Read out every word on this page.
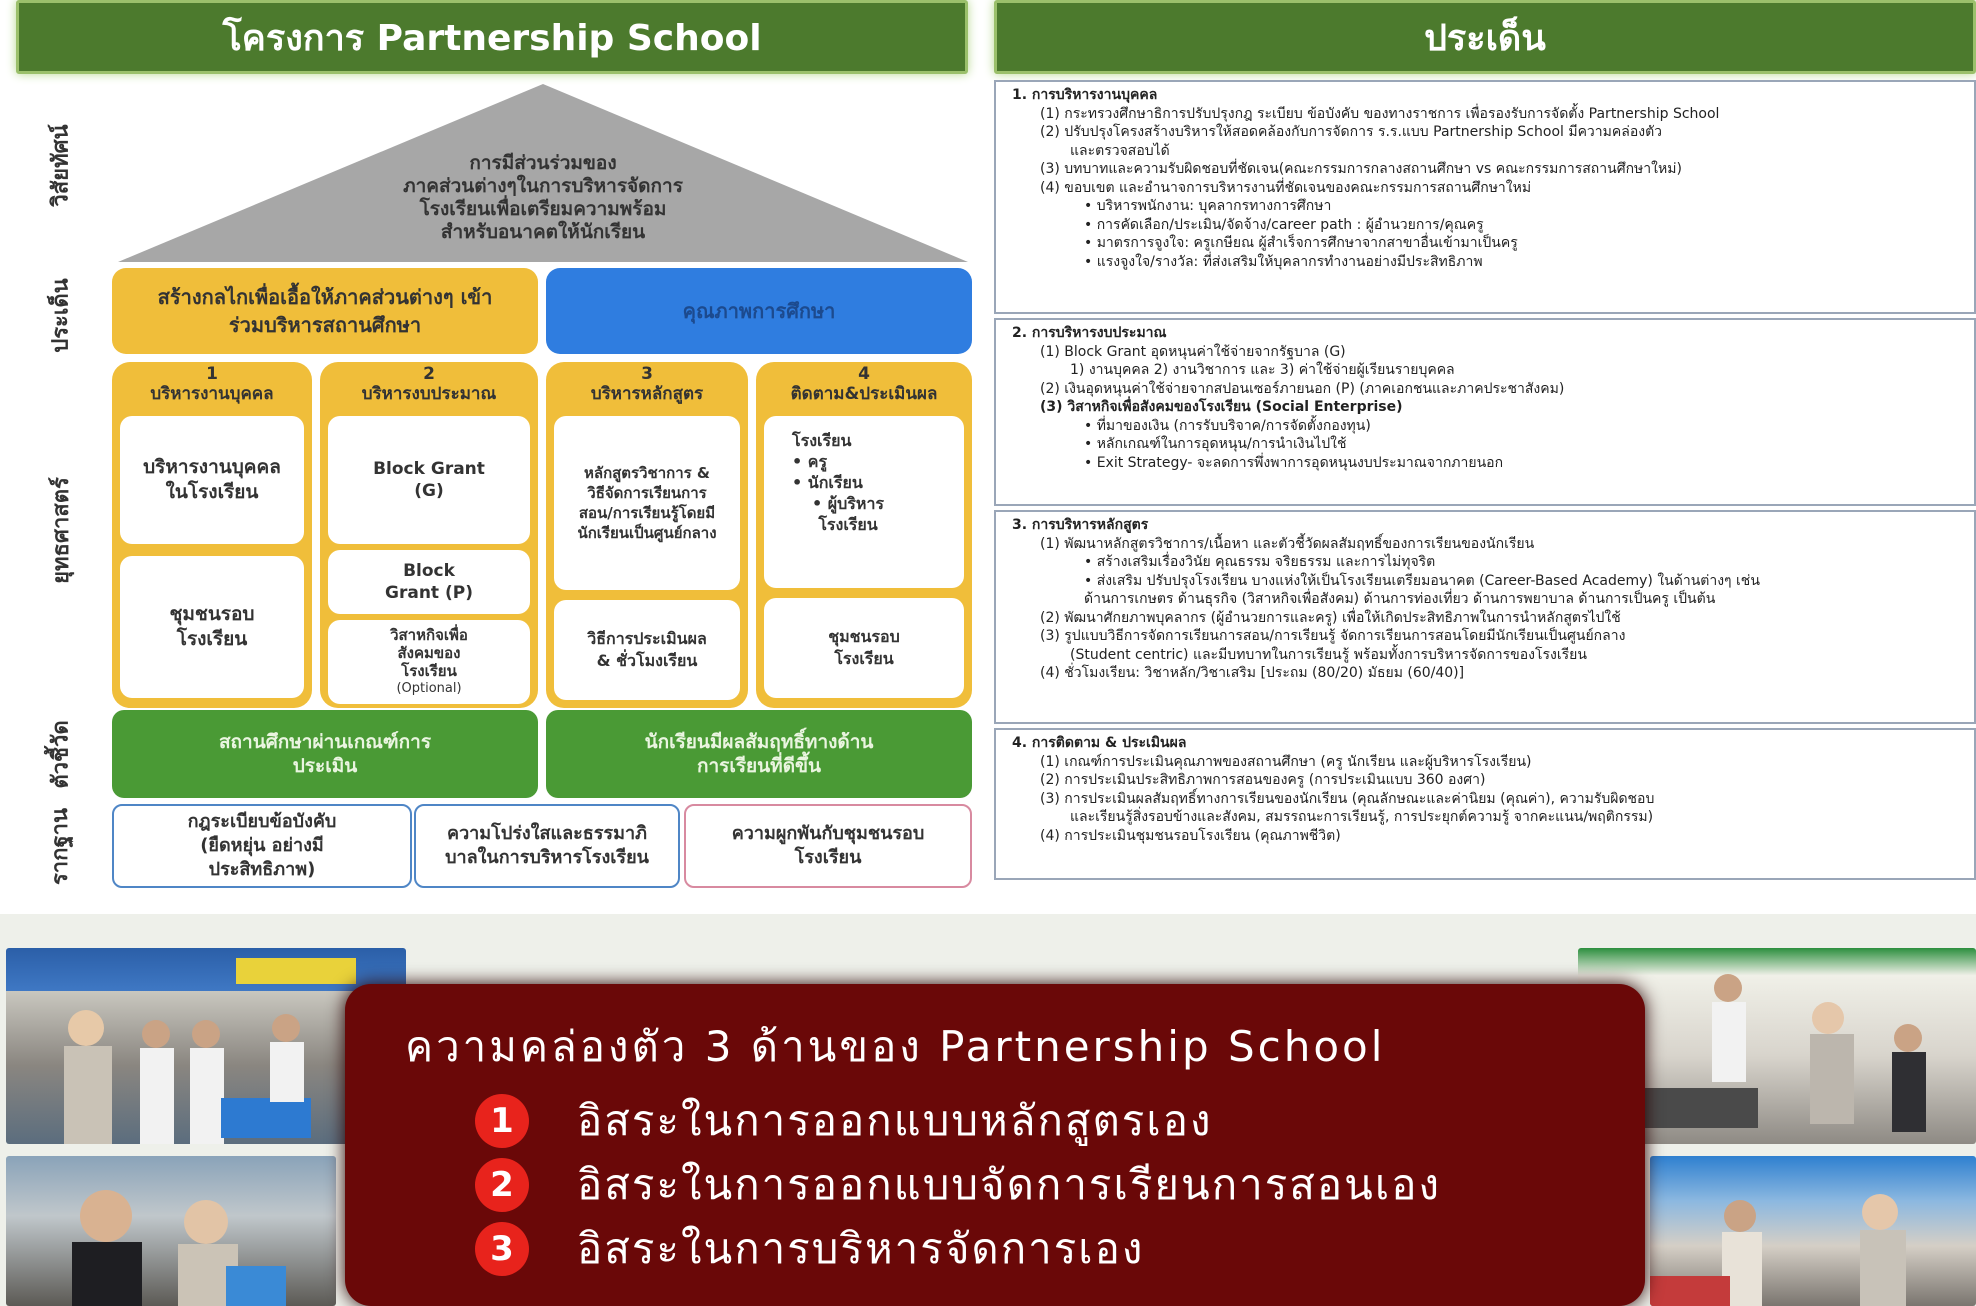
โครงการ Partnership School	ประเด็น
วิสัยทัศน์
ประเด็น
ยุทธศาสตร์
ตัวชี้วัด
รากฐาน
การมีส่วนร่วมของ
ภาคส่วนต่างๆในการบริหารจัดการ
โรงเรียนเพื่อเตรียมความพร้อม
สำหรับอนาคตให้นักเรียน
สร้างกลไกเพื่อเอื้อให้ภาคส่วนต่างๆ เข้าร่วมบริหารสถานศึกษา
คุณภาพการศึกษา
1
บริหารงานบุคคล
บริหารงานบุคคลในโรงเรียน
ชุมชนรอบโรงเรียน
2
บริหารงบประมาณ
Block Grant (G)
Block Grant (P)
วิสาหกิจเพื่อสังคมของโรงเรียน
(Optional)
3
บริหารหลักสูตร
หลักสูตรวิชาการ & วิธีจัดการเรียนการสอน/การเรียนรู้โดยมีนักเรียนเป็นศูนย์กลาง
วิธีการประเมินผล & ชั่วโมงเรียน
4
ติดตาม&ประเมินผล
โรงเรียน
• ครู
• นักเรียน
• ผู้บริหารโรงเรียน
ชุมชนรอบโรงเรียน
สถานศึกษาผ่านเกณฑ์การประเมิน
นักเรียนมีผลสัมฤทธิ์ทางด้านการเรียนที่ดีขึ้น
กฎระเบียบข้อบังคับ (ยืดหยุ่น อย่างมีประสิทธิภาพ)
ความโปร่งใสและธรรมาภิบาลในการบริหารโรงเรียน
ความผูกพันกับชุมชนรอบโรงเรียน
1. การบริหารงานบุคคล
(1) กระทรวงศึกษาธิการปรับปรุงกฎ ระเบียบ ข้อบังคับ ของทางราชการ เพื่อรองรับการจัดตั้ง Partnership School
(2) ปรับปรุงโครงสร้างบริหารให้สอดคล้องกับการจัดการ ร.ร.แบบ Partnership School มีความคล่องตัว
และตรวจสอบได้
(3) บทบาทและความรับผิดชอบที่ชัดเจน(คณะกรรมการกลางสถานศึกษา vs คณะกรรมการสถานศึกษาใหม่)
(4) ขอบเขต และอำนาจการบริหารงานที่ชัดเจนของคณะกรรมการสถานศึกษาใหม่
• บริหารพนักงาน: บุคลากรทางการศึกษา
• การคัดเลือก/ประเมิน/จัดจ้าง/career path : ผู้อำนวยการ/คุณครู
• มาตรการจูงใจ: ครูเกษียณ ผู้สำเร็จการศึกษาจากสาขาอื่นเข้ามาเป็นครู
• แรงจูงใจ/รางวัล: ที่ส่งเสริมให้บุคลากรทำงานอย่างมีประสิทธิภาพ
2. การบริหารงบประมาณ
(1) Block Grant อุดหนุนค่าใช้จ่ายจากรัฐบาล (G)
1) งานบุคคล 2) งานวิชาการ และ 3) ค่าใช้จ่ายผู้เรียนรายบุคคล
(2) เงินอุดหนุนค่าใช้จ่ายจากสปอนเซอร์ภายนอก (P) (ภาคเอกชนและภาคประชาสังคม)
(3) วิสาหกิจเพื่อสังคมของโรงเรียน (Social Enterprise)
• ที่มาของเงิน (การรับบริจาค/การจัดตั้งกองทุน)
• หลักเกณฑ์ในการอุดหนุน/การนำเงินไปใช้
• Exit Strategy- จะลดการพึ่งพาการอุดหนุนงบประมาณจากภายนอก
3. การบริหารหลักสูตร
(1) พัฒนาหลักสูตรวิชาการ/เนื้อหา และตัวชี้วัดผลสัมฤทธิ์ของการเรียนของนักเรียน
• สร้างเสริมเรื่องวินัย คุณธรรม จริยธรรม และการไม่ทุจริต
• ส่งเสริม ปรับปรุงโรงเรียน บางแห่งให้เป็นโรงเรียนเตรียมอนาคต (Career-Based Academy) ในด้านต่างๆ เช่น
ด้านการเกษตร ด้านธุรกิจ (วิสาหกิจเพื่อสังคม) ด้านการท่องเที่ยว ด้านการพยาบาล ด้านการเป็นครู เป็นต้น
(2) พัฒนาศักยภาพบุคลากร (ผู้อำนวยการและครู) เพื่อให้เกิดประสิทธิภาพในการนำหลักสูตรไปใช้
(3) รูปแบบวิธีการจัดการเรียนการสอน/การเรียนรู้ จัดการเรียนการสอนโดยมีนักเรียนเป็นศูนย์กลาง
(Student centric) และมีบทบาทในการเรียนรู้ พร้อมทั้งการบริหารจัดการของโรงเรียน
(4) ชั่วโมงเรียน: วิชาหลัก/วิชาเสริม [ประถม (80/20) มัธยม (60/40)]
4. การติดตาม & ประเมินผล
(1) เกณฑ์การประเมินคุณภาพของสถานศึกษา (ครู นักเรียน และผู้บริหารโรงเรียน)
(2) การประเมินประสิทธิภาพการสอนของครู (การประเมินแบบ 360 องศา)
(3) การประเมินผลสัมฤทธิ์ทางการเรียนของนักเรียน (คุณลักษณะและค่านิยม (คุณค่า), ความรับผิดชอบ
และเรียนรู้สิ่งรอบข้างและสังคม, สมรรถนะการเรียนรู้, การประยุกต์ความรู้ จากคะแนน/พฤติกรรม)
(4) การประเมินชุมชนรอบโรงเรียน (คุณภาพชีวิต)
ความคล่องตัว 3 ด้านของ Partnership School
1	อิสระในการออกแบบหลักสูตรเอง
2	อิสระในการออกแบบจัดการเรียนการสอนเอง
3	อิสระในการบริหารจัดการเอง
